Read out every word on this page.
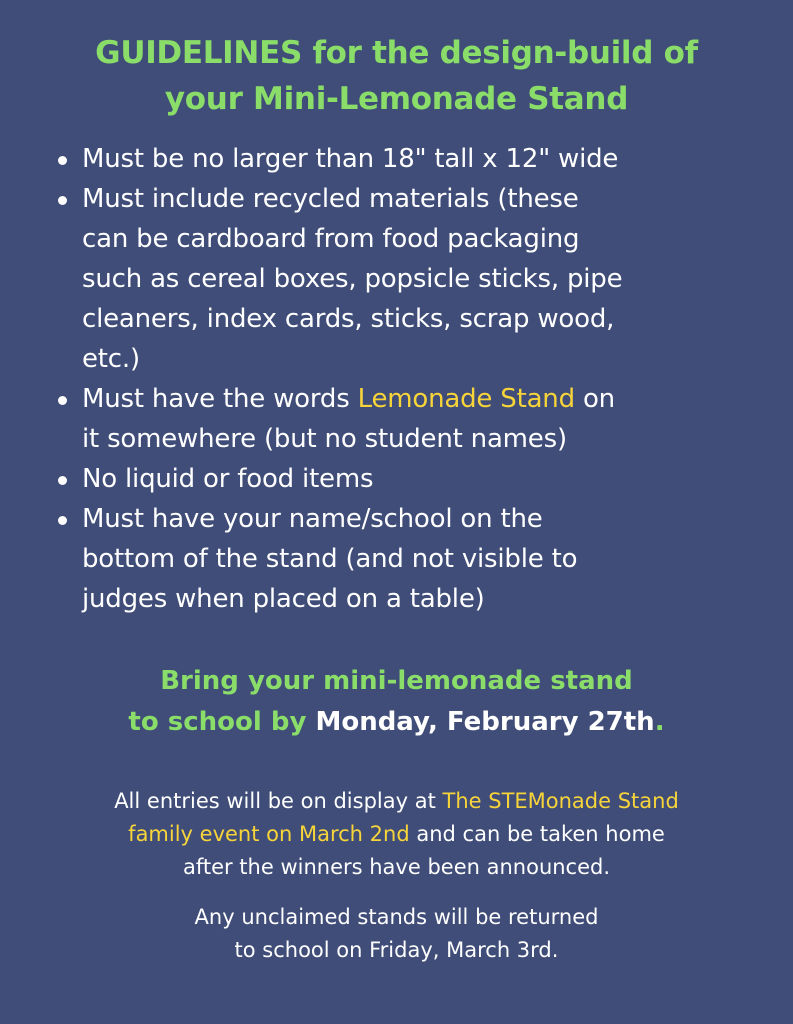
GUIDELINES for the design-build of
your Mini-Lemonade Stand
Must be no larger than 18" tall x 12" wide
Must include recycled materials (these
can be cardboard from food packaging
such as cereal boxes, popsicle sticks, pipe
cleaners, index cards, sticks, scrap wood,
etc.)
Must have the words Lemonade Stand on
it somewhere (but no student names)
No liquid or food items
Must have your name/school on the
bottom of the stand (and not visible to
judges when placed on a table)
Bring your mini-lemonade stand
to school by Monday, February 27th.
All entries will be on display at The STEMonade Stand
family event on March 2nd and can be taken home
after the winners have been announced.
Any unclaimed stands will be returned
to school on Friday, March 3rd.
